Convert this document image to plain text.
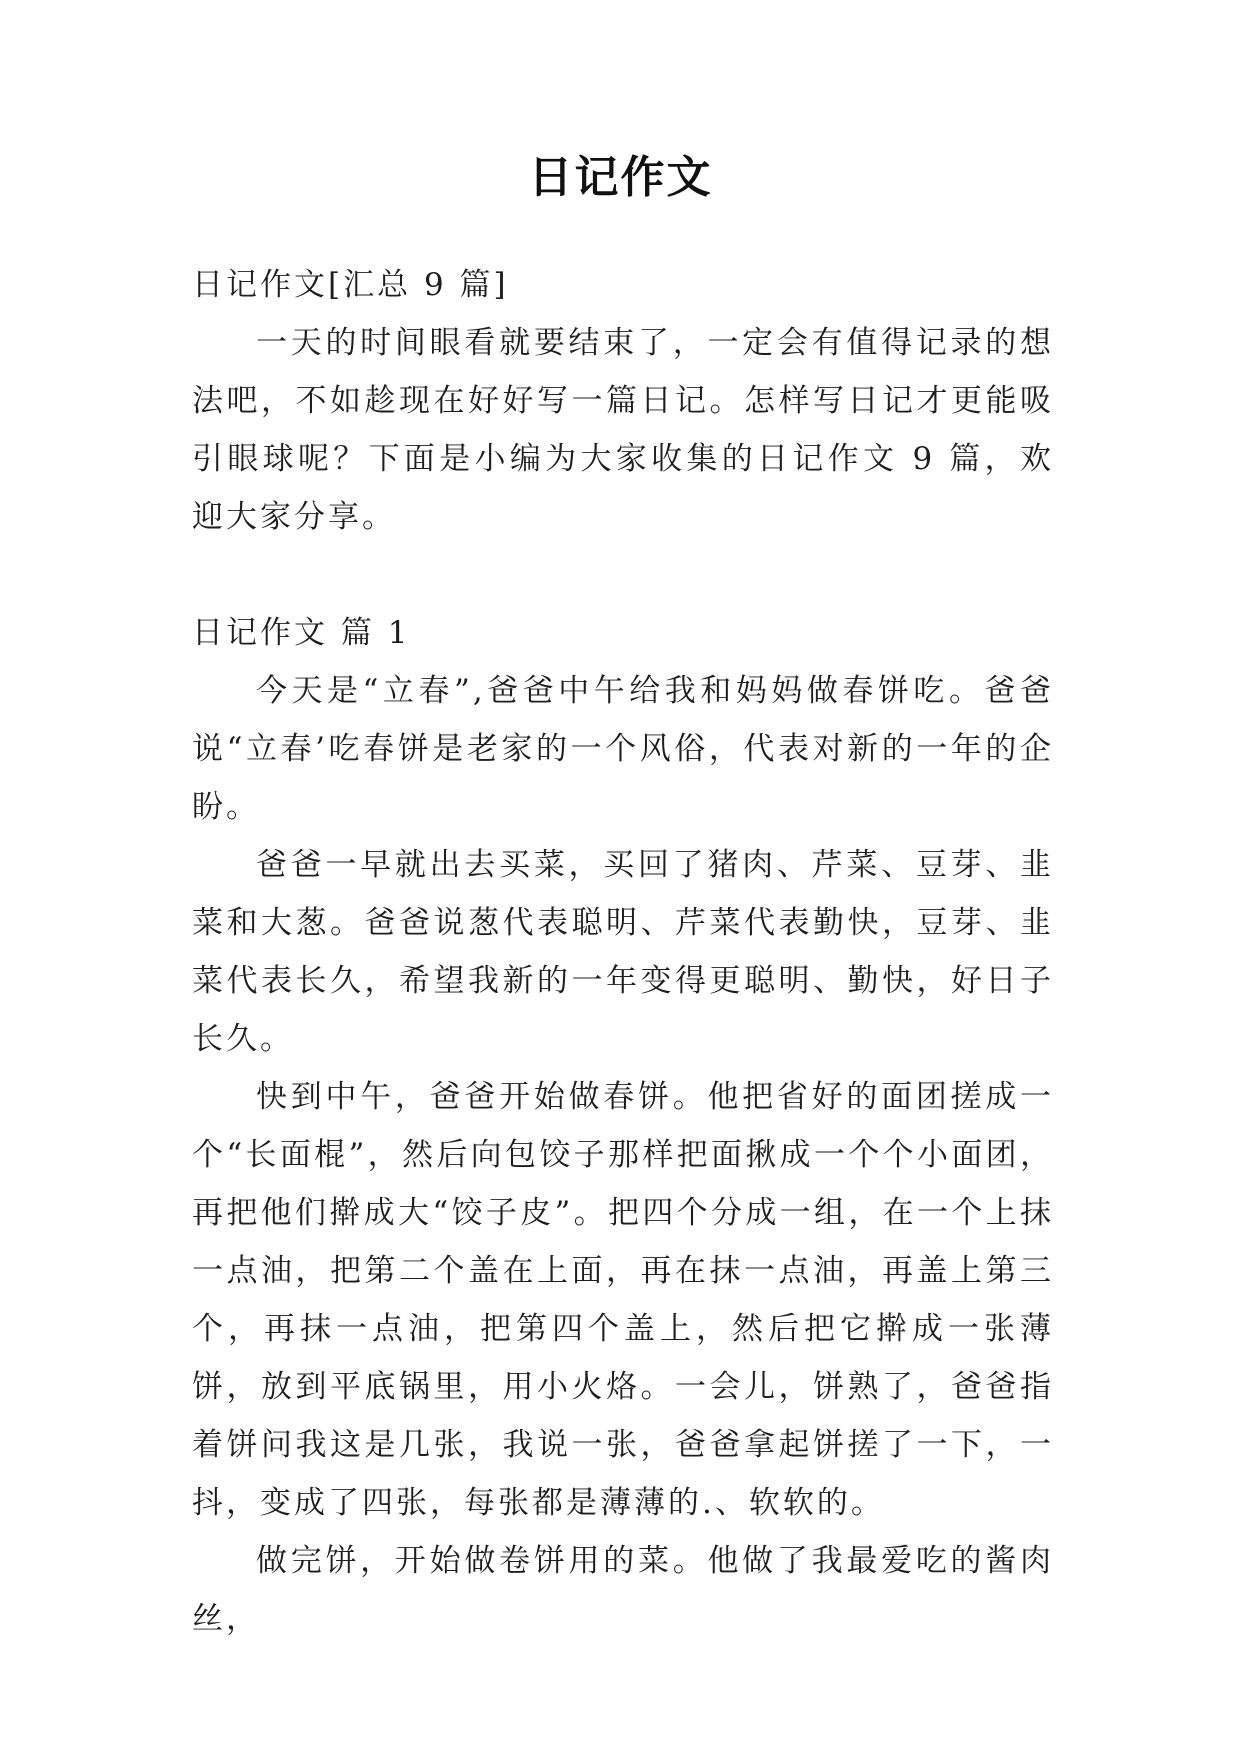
日记作文

日记作文[汇总 9 篇]

一天的时间眼看就要结束了，一定会有值得记录的想法吧，不如趁现在好好写一篇日记。怎样写日记才更能吸引眼球呢？下面是小编为大家收集的日记作文 9 篇，欢迎大家分享。

日记作文 篇 1

今天是“立春”,爸爸中午给我和妈妈做春饼吃。爸爸说“立春’吃春饼是老家的一个风俗，代表对新的一年的企盼。

爸爸一早就出去买菜，买回了猪肉、芹菜、豆芽、韭菜和大葱。爸爸说葱代表聪明、芹菜代表勤快，豆芽、韭菜代表长久，希望我新的一年变得更聪明、勤快，好日子长久。

快到中午，爸爸开始做春饼。他把省好的面团搓成一个“长面棍”，然后向包饺子那样把面揪成一个个小面团，再把他们擀成大“饺子皮”。把四个分成一组，在一个上抹一点油，把第二个盖在上面，再在抹一点油，再盖上第三个，再抹一点油，把第四个盖上，然后把它擀成一张薄饼，放到平底锅里，用小火烙。一会儿，饼熟了，爸爸指着饼问我这是几张，我说一张，爸爸拿起饼搓了一下，一抖，变成了四张，每张都是薄薄的.、软软的。

做完饼，开始做卷饼用的菜。他做了我最爱吃的酱肉丝，
